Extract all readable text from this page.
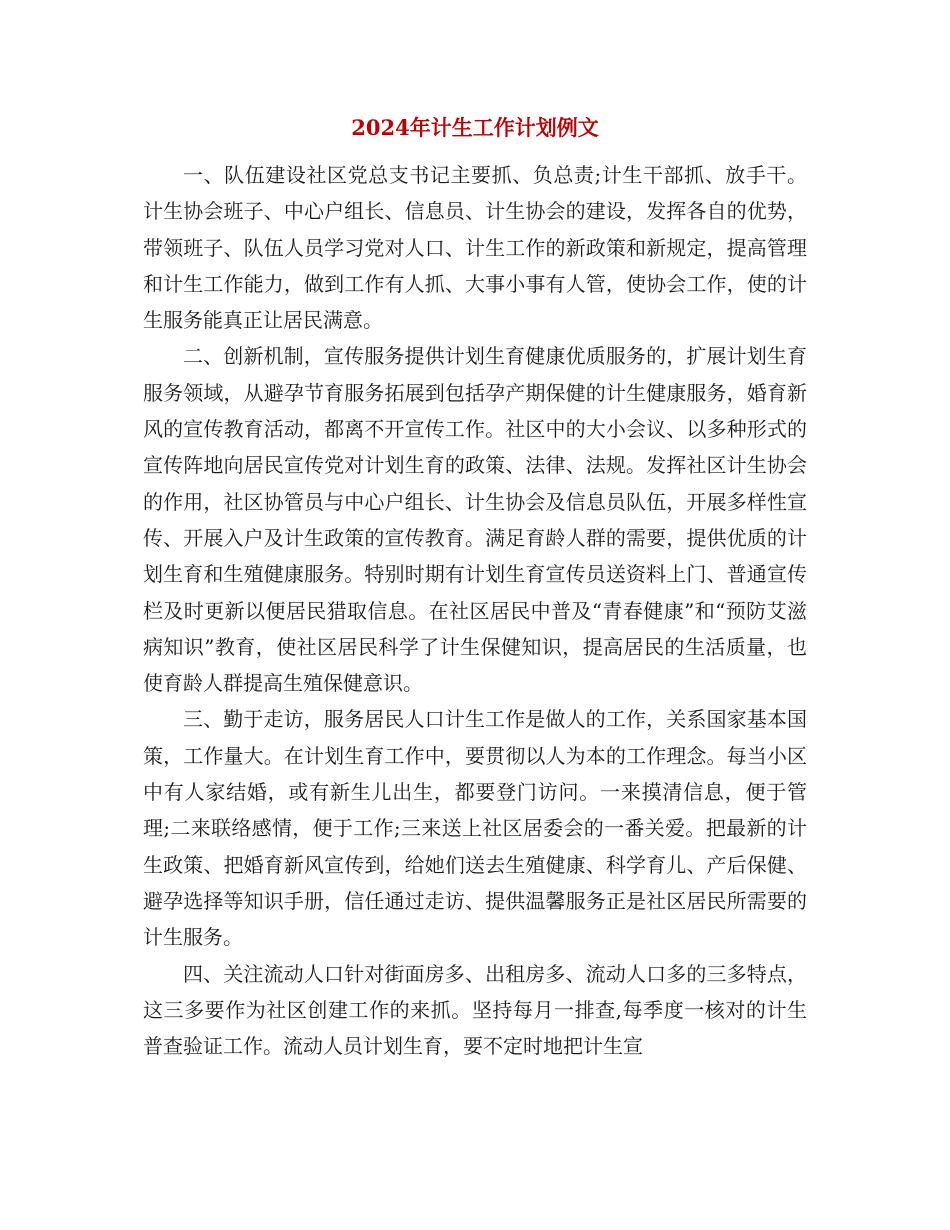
2024年计生工作计划例文

一、队伍建设社区党总支书记主要抓、负总责;计生干部抓、放手干。计生协会班子、中心户组长、信息员、计生协会的建设，发挥各自的优势，带领班子、队伍人员学习党对人口、计生工作的新政策和新规定，提高管理和计生工作能力，做到工作有人抓、大事小事有人管，使协会工作，使的计生服务能真正让居民满意。

二、创新机制，宣传服务提供计划生育健康优质服务的，扩展计划生育服务领域，从避孕节育服务拓展到包括孕产期保健的计生健康服务，婚育新风的宣传教育活动，都离不开宣传工作。社区中的大小会议、以多种形式的宣传阵地向居民宣传党对计划生育的政策、法律、法规。发挥社区计生协会的作用，社区协管员与中心户组长、计生协会及信息员队伍，开展多样性宣传、开展入户及计生政策的宣传教育。满足育龄人群的需要，提供优质的计划生育和生殖健康服务。特别时期有计划生育宣传员送资料上门、普通宣传栏及时更新以便居民猎取信息。在社区居民中普及“青春健康”和“预防艾滋病知识”教育，使社区居民科学了计生保健知识，提高居民的生活质量，也使育龄人群提高生殖保健意识。

三、勤于走访，服务居民人口计生工作是做人的工作，关系国家基本国策，工作量大。在计划生育工作中，要贯彻以人为本的工作理念。每当小区中有人家结婚，或有新生儿出生，都要登门访问。一来摸清信息，便于管理;二来联络感情，便于工作;三来送上社区居委会的一番关爱。把最新的计生政策、把婚育新风宣传到，给她们送去生殖健康、科学育儿、产后保健、避孕选择等知识手册，信任通过走访、提供温馨服务正是社区居民所需要的计生服务。

四、关注流动人口针对街面房多、出租房多、流动人口多的三多特点，这三多要作为社区创建工作的来抓。坚持每月一排查,每季度一核对的计生普查验证工作。流动人员计划生育，要不定时地把计生宣
